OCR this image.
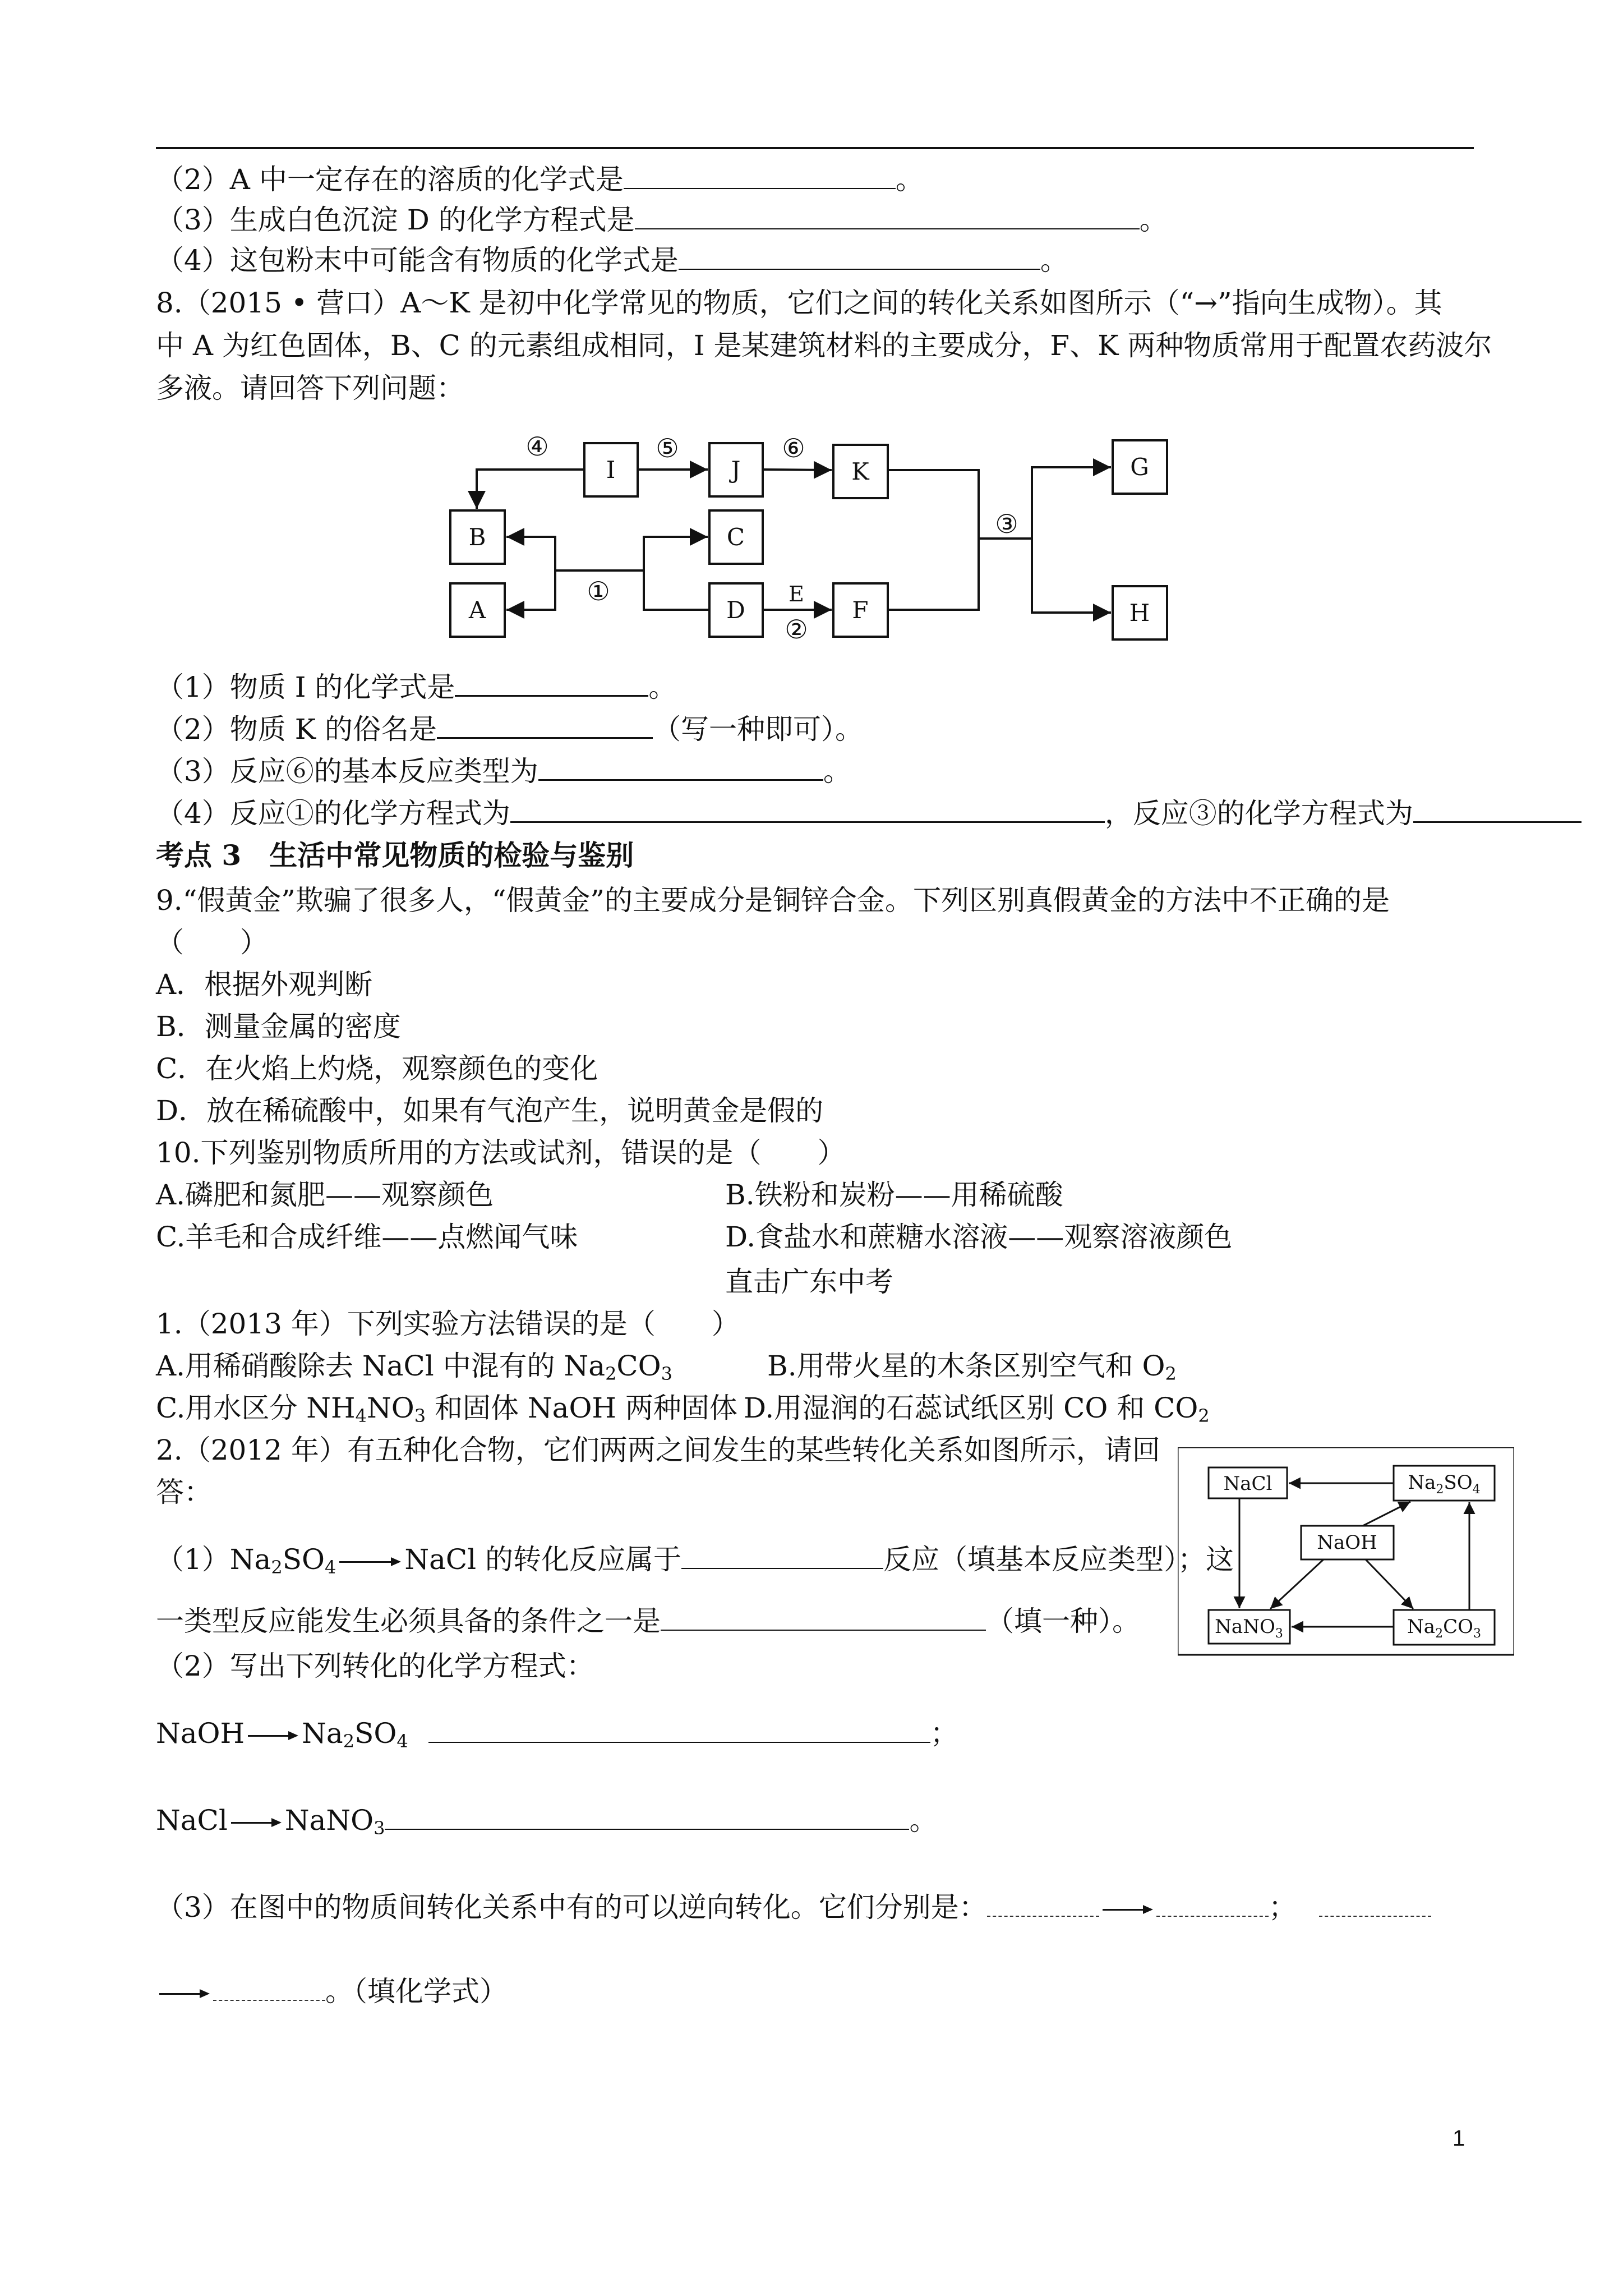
（2）A 中一定存在的溶质的化学式是	。
（3）生成白色沉淀 D 的化学方程式是	。
（4）这包粉末中可能含有物质的化学式是	。
8.（2015 • 营口）A～K 是初中化学常见的物质，它们之间的转化关系如图所示（“→”指向生成物）。其
中 A 为红色固体，B、C 的元素组成相同，I 是某建筑材料的主要成分，F、K 两种物质常用于配置农药波尔
多液。请回答下列问题：
I	J	K
B	C
A	D	F
G
H
④	⑤	⑥
①	E
②
③
（1）物质 I 的化学式是	。
（2）物质 K 的俗名是	（写一种即可）。
（3）反应⑥的基本反应类型为	。
（4）反应①的化学方程式为	，反应③的化学方程式为
考点 3　生活中常见物质的检验与鉴别
9.“假黄金”欺骗了很多人，“假黄金”的主要成分是铜锌合金。下列区别真假黄金的方法中不正确的是
（　　）
A．根据外观判断
B．测量金属的密度
C．在火焰上灼烧，观察颜色的变化
D．放在稀硫酸中，如果有气泡产生，说明黄金是假的
10.下列鉴别物质所用的方法或试剂，错误的是（　　）
A.磷肥和氮肥——观察颜色	B.铁粉和炭粉——用稀硫酸
C.羊毛和合成纤维——点燃闻气味	D.食盐水和蔗糖水溶液——观察溶液颜色
直击广东中考
1.（2013 年）下列实验方法错误的是（　　）
A.用稀硝酸除去 NaCl 中混有的 $Na_2CO_3$	B.用带火星的木条区别空气和 $O_2$
C.用水区分 $NH_4NO_3$ 和固体 NaOH 两种固体 D.用湿润的石蕊试纸区别 CO 和 $CO_2$
2.（2012 年）有五种化合物，它们两两之间发生的某些转化关系如图所示，请回
答：	NaCl	$Na_2SO_4$
NaOH
NaNO$_3$	$Na_2CO_3$
$(1)Na_2SO_4$ NaCl 的转化反应属于	反应（填基本反应类型）；这
一类型反应能发生必须具备的条件之一是	（填一种）。
（2）写出下列转化的化学方程式：
NaOH $Na_2SO_4$	；
NaCl NaNO$_3$	。
（3）在图中的物质间转化关系中有的可以逆向转化。它们分别是：	；
。（填化学式）
1
